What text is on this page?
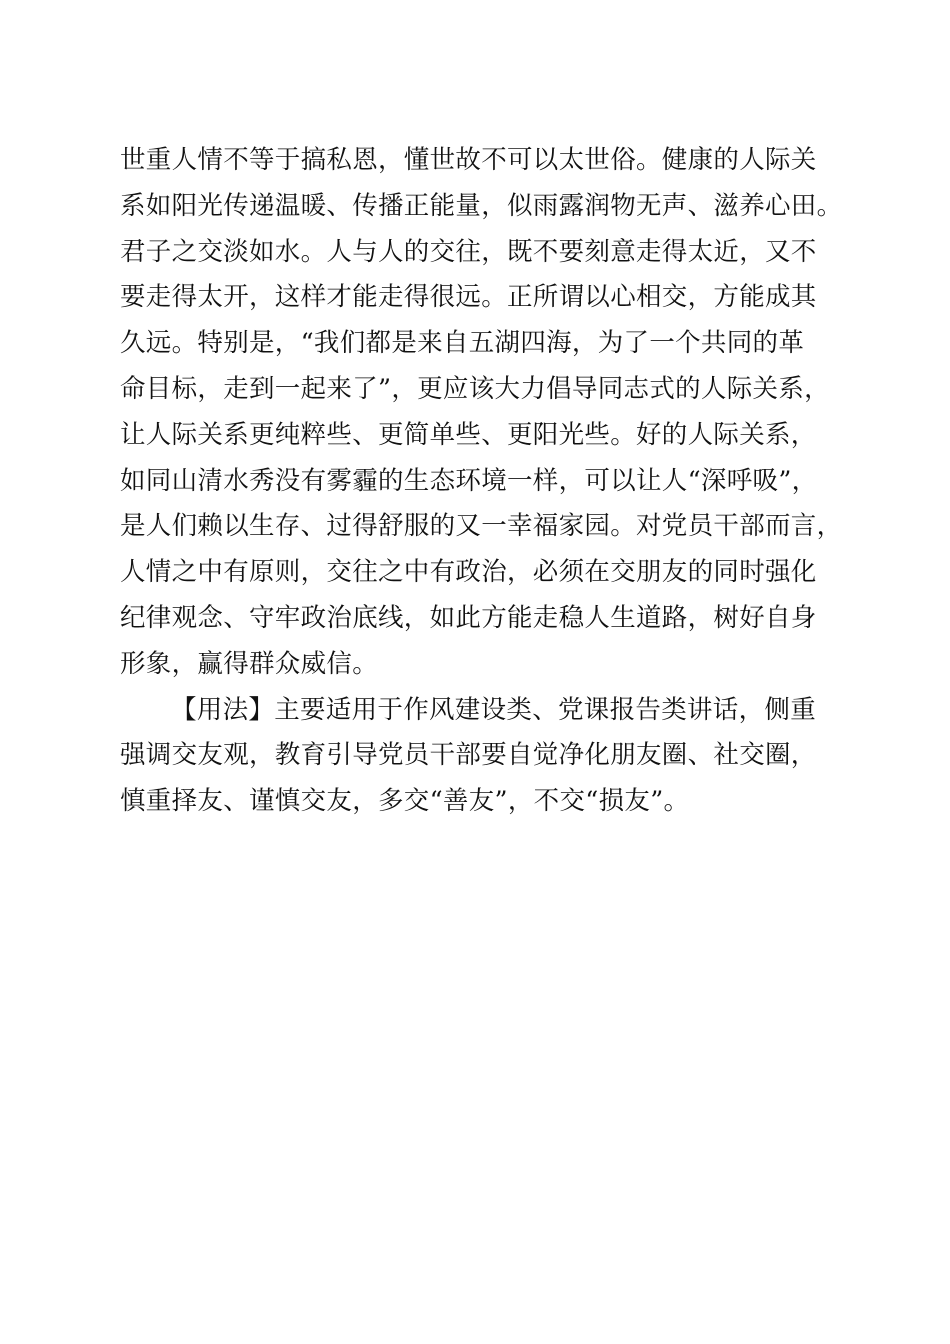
世重人情不等于搞私恩，懂世故不可以太世俗。健康的人际关
系如阳光传递温暖、传播正能量，似雨露润物无声、滋养心田。
君子之交淡如水。人与人的交往，既不要刻意走得太近，又不
要走得太开，这样才能走得很远。正所谓以心相交，方能成其
久远。特别是，“我们都是来自五湖四海，为了一个共同的革
命目标，走到一起来了”，更应该大力倡导同志式的人际关系，
让人际关系更纯粹些、更简单些、更阳光些。好的人际关系，
如同山清水秀没有雾霾的生态环境一样，可以让人“深呼吸”，
是人们赖以生存、过得舒服的又一幸福家园。对党员干部而言，
人情之中有原则，交往之中有政治，必须在交朋友的同时强化
纪律观念、守牢政治底线，如此方能走稳人生道路，树好自身
形象，赢得群众威信。
【用法】主要适用于作风建设类、党课报告类讲话，侧重
强调交友观，教育引导党员干部要自觉净化朋友圈、社交圈，
慎重择友、谨慎交友，多交“善友”，不交“损友”。
